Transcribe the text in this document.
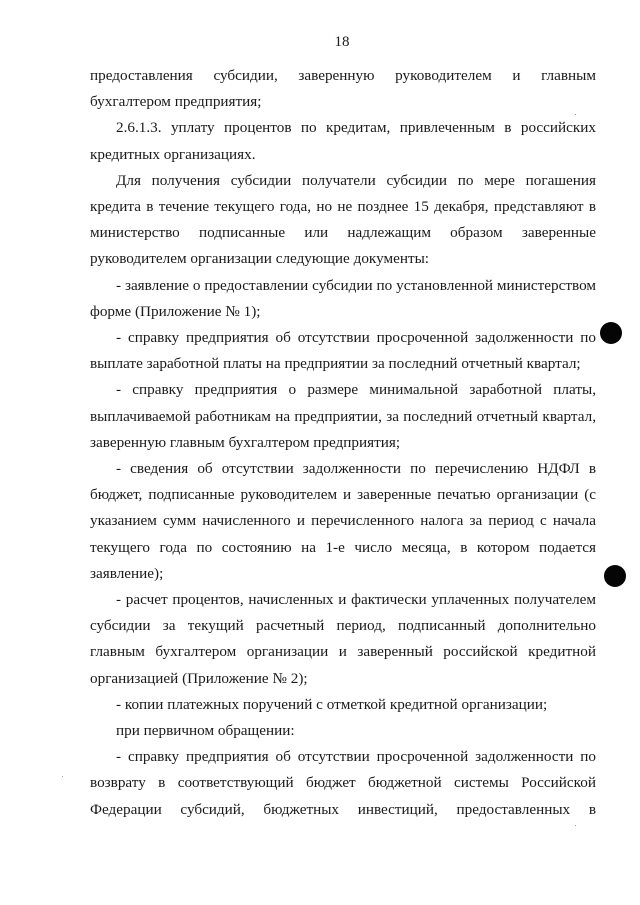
18

предоставления субсидии, заверенную руководителем и главным бухгалтером предприятия;

2.6.1.3. уплату процентов по кредитам, привлеченным в российских кредитных организациях.

Для получения субсидии получатели субсидии по мере погашения кредита в течение текущего года, но не позднее 15 декабря, представляют в министерство подписанные или надлежащим образом заверенные руководителем организации следующие документы:

- заявление о предоставлении субсидии по установленной министерством форме (Приложение № 1);

- справку предприятия об отсутствии просроченной задолженности по выплате заработной платы на предприятии за последний отчетный квартал;

- справку предприятия о размере минимальной заработной платы, выплачиваемой работникам на предприятии, за последний отчетный квартал, заверенную главным бухгалтером предприятия;

- сведения об отсутствии задолженности по перечислению НДФЛ в бюджет, подписанные руководителем и заверенные печатью организации (с указанием сумм начисленного и перечисленного налога за период с начала текущего года по состоянию на 1-е число месяца, в котором подается заявление);

- расчет процентов, начисленных и фактически уплаченных получателем субсидии за текущий расчетный период, подписанный дополнительно главным бухгалтером организации и заверенный российской кредитной организацией (Приложение № 2);

- копии платежных поручений с отметкой кредитной организации;

при первичном обращении:

- справку предприятия об отсутствии просроченной задолженности по возврату в соответствующий бюджет бюджетной системы Российской Федерации субсидий, бюджетных инвестиций, предоставленных в
